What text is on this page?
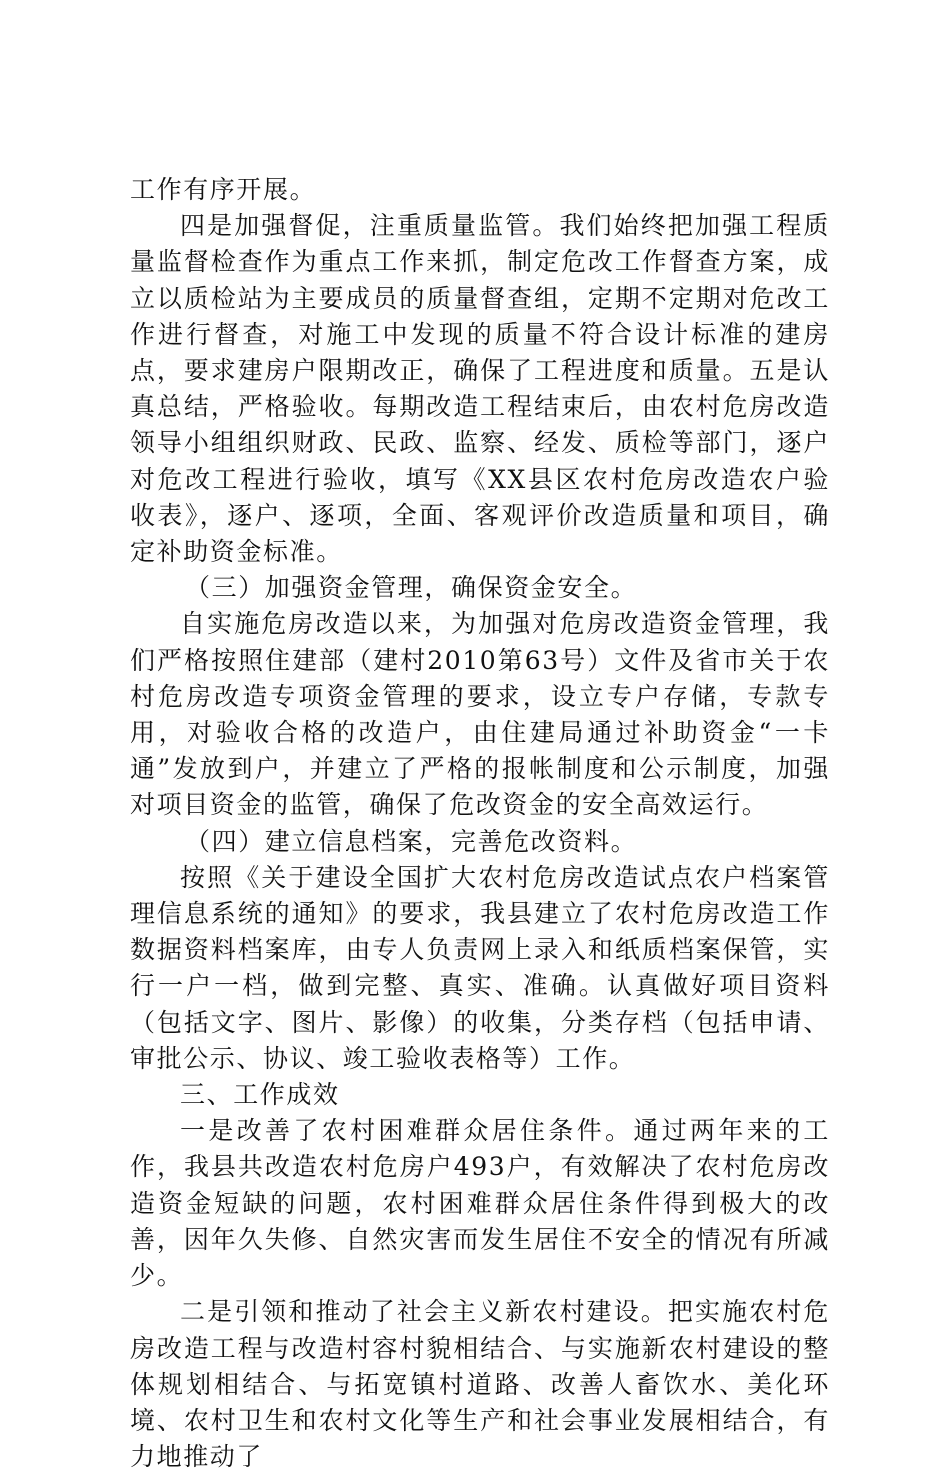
工作有序开展。

四是加强督促，注重质量监管。我们始终把加强工程质量监督检查作为重点工作来抓，制定危改工作督查方案，成立以质检站为主要成员的质量督查组，定期不定期对危改工作进行督查，对施工中发现的质量不符合设计标准的建房点，要求建房户限期改正，确保了工程进度和质量。五是认真总结，严格验收。每期改造工程结束后，由农村危房改造领导小组组织财政、民政、监察、经发、质检等部门，逐户对危改工程进行验收，填写《XX县区农村危房改造农户验收表》，逐户、逐项，全面、客观评价改造质量和项目，确定补助资金标准。

（三）加强资金管理，确保资金安全。

自实施危房改造以来，为加强对危房改造资金管理，我们严格按照住建部（建村2010第63号）文件及省市关于农村危房改造专项资金管理的要求，设立专户存储，专款专用，对验收合格的改造户，由住建局通过补助资金“一卡通”发放到户，并建立了严格的报帐制度和公示制度，加强对项目资金的监管，确保了危改资金的安全高效运行。

（四）建立信息档案，完善危改资料。

按照《关于建设全国扩大农村危房改造试点农户档案管理信息系统的通知》的要求，我县建立了农村危房改造工作数据资料档案库，由专人负责网上录入和纸质档案保管，实行一户一档，做到完整、真实、准确。认真做好项目资料（包括文字、图片、影像）的收集，分类存档（包括申请、审批公示、协议、竣工验收表格等）工作。

三、工作成效

一是改善了农村困难群众居住条件。通过两年来的工作，我县共改造农村危房户493户，有效解决了农村危房改造资金短缺的问题，农村困难群众居住条件得到极大的改善，因年久失修、自然灾害而发生居住不安全的情况有所减少。

二是引领和推动了社会主义新农村建设。把实施农村危房改造工程与改造村容村貌相结合、与实施新农村建设的整体规划相结合、与拓宽镇村道路、改善人畜饮水、美化环境、农村卫生和农村文化等生产和社会事业发展相结合，有力地推动了
